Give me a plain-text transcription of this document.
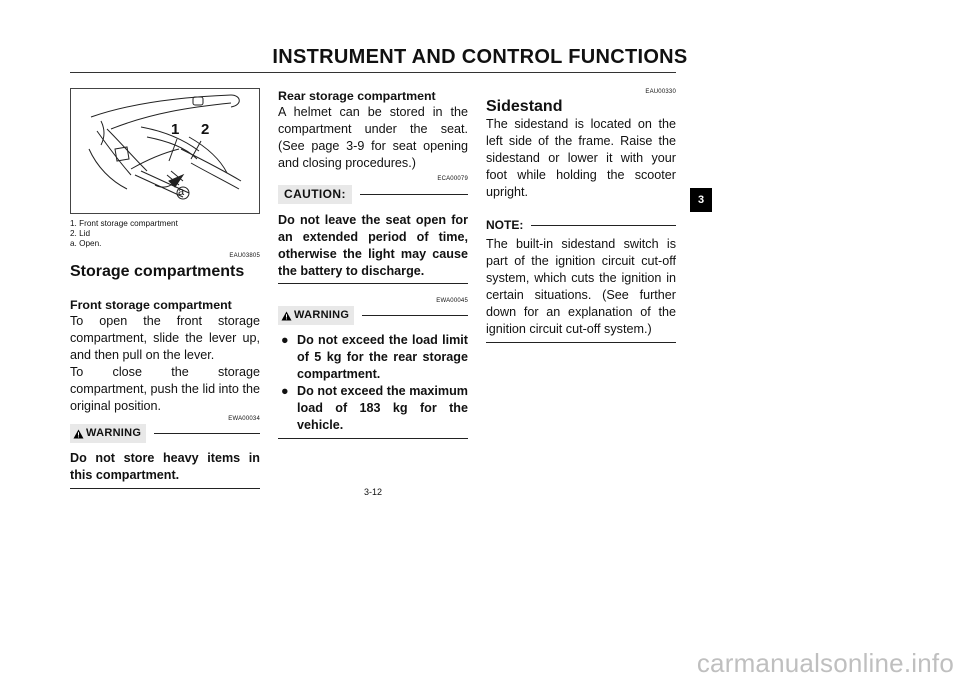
INSTRUMENT AND CONTROL FUNCTIONS
1 2
a
1. Front storage compartment
2. Lid
a. Open.
EAU03805
Storage compartments
Front storage compartment
To open the front storage compartment, slide the lever up, and then pull on the lever.
To close the storage compartment, push the lid into the original position.
EWA00034
WARNING
Do not store heavy items in this compartment.
Rear storage compartment
A helmet can be stored in the compartment under the seat. (See page 3-9 for seat opening and closing procedures.)
ECA00079
CAUTION:
Do not leave the seat open for an extended period of time, otherwise the light may cause the battery to discharge.
EWA00045
WARNING
● Do not exceed the load limit of 5 kg for the rear storage compartment.
● Do not exceed the maximum load of 183 kg for the vehicle.
EAU00330
Sidestand
The sidestand is located on the left side of the frame. Raise the sidestand or lower it with your foot while holding the scooter upright.
NOTE:
The built-in sidestand switch is part of the ignition circuit cut-off system, which cuts the ignition in certain situations. (See further down for an explanation of the ignition circuit cut-off system.)
3
3-12
carmanualsonline.info
